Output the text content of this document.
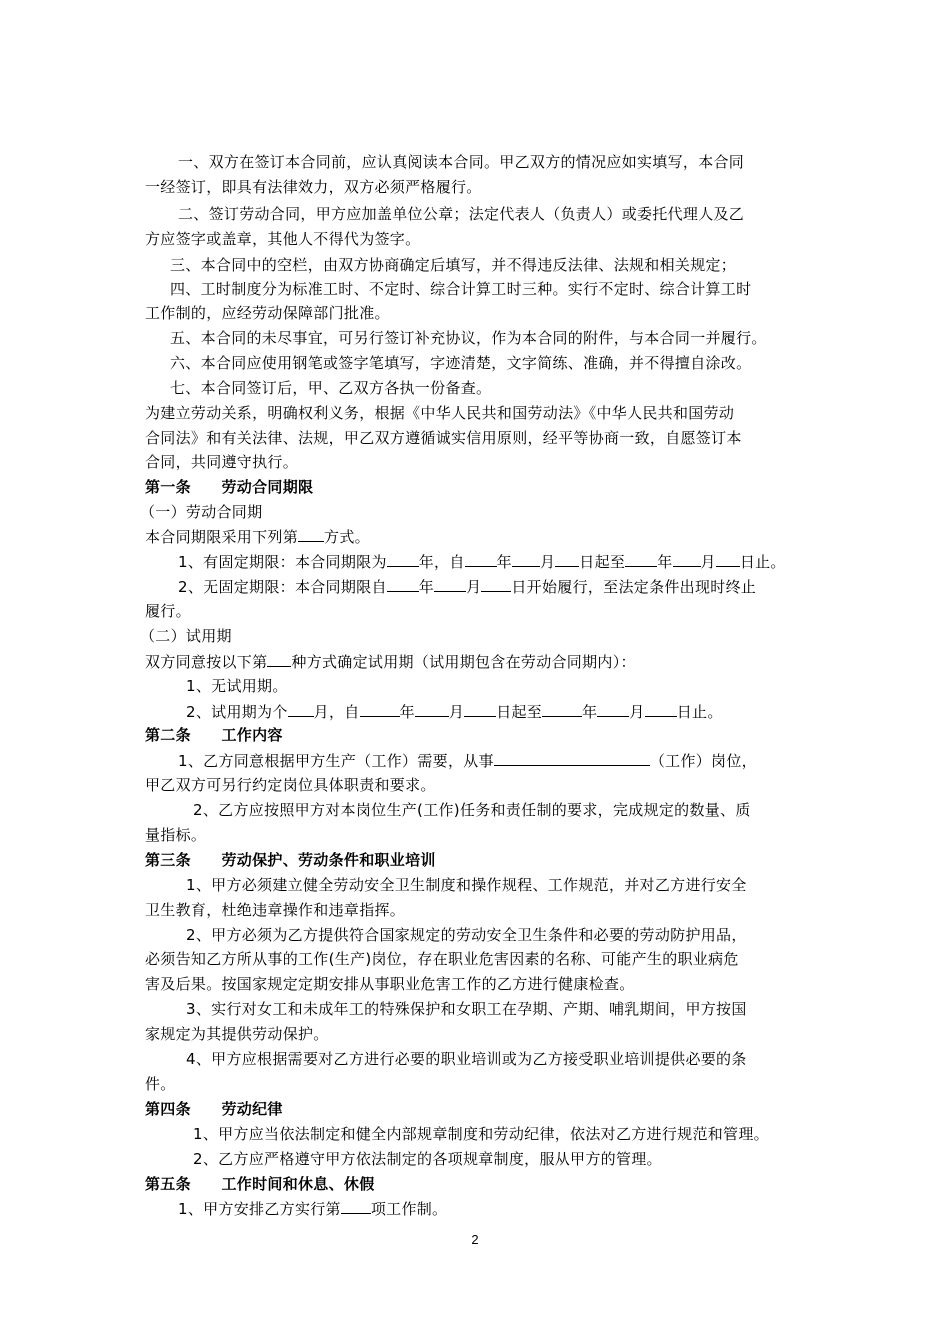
一、双方在签订本合同前，应认真阅读本合同。甲乙双方的情况应如实填写，本合同
一经签订，即具有法律效力，双方必须严格履行。
二、签订劳动合同，甲方应加盖单位公章；法定代表人（负责人）或委托代理人及乙
方应签字或盖章，其他人不得代为签字。
三、本合同中的空栏，由双方协商确定后填写，并不得违反法律、法规和相关规定；
四、工时制度分为标准工时、不定时、综合计算工时三种。实行不定时、综合计算工时
工作制的，应经劳动保障部门批准。
五、本合同的未尽事宜，可另行签订补充协议，作为本合同的附件，与本合同一并履行。
六、本合同应使用钢笔或签字笔填写，字迹清楚，文字简练、准确，并不得擅自涂改。
七、本合同签订后，甲、乙双方各执一份备查。
为建立劳动关系，明确权利义务，根据《中华人民共和国劳动法》《中华人民共和国劳动
合同法》和有关法律、法规，甲乙双方遵循诚实信用原则，经平等协商一致，自愿签订本
合同，共同遵守执行。
第一条　　劳动合同期限
（一）劳动合同期
本合同期限采用下列第 方式。
1、有固定期限：本合同期限为 年，自 年 月 日起至 年 月 日止。
2、无固定期限：本合同期限自 年 月 日开始履行，至法定条件出现时终止
履行。
（二）试用期
双方同意按以下第 种方式确定试用期（试用期包含在劳动合同期内）：
1、无试用期。
2、试用期为个 月，自	年 月 日起至	年 月 日止。
第二条　　工作内容
1、乙方同意根据甲方生产（工作）需要，从事	（工作）岗位，
甲乙双方可另行约定岗位具体职责和要求。
2、乙方应按照甲方对本岗位生产(工作)任务和责任制的要求，完成规定的数量、质
量指标。
第三条　　劳动保护、劳动条件和职业培训
1、甲方必须建立健全劳动安全卫生制度和操作规程、工作规范，并对乙方进行安全
卫生教育，杜绝违章操作和违章指挥。
2、甲方必须为乙方提供符合国家规定的劳动安全卫生条件和必要的劳动防护用品，
必须告知乙方所从事的工作(生产)岗位，存在职业危害因素的名称、可能产生的职业病危
害及后果。按国家规定定期安排从事职业危害工作的乙方进行健康检查。
3、实行对女工和未成年工的特殊保护和女职工在孕期、产期、哺乳期间，甲方按国
家规定为其提供劳动保护。
4、甲方应根据需要对乙方进行必要的职业培训或为乙方接受职业培训提供必要的条
件。
第四条　　劳动纪律
1、甲方应当依法制定和健全内部规章制度和劳动纪律，依法对乙方进行规范和管理。
2、乙方应严格遵守甲方依法制定的各项规章制度，服从甲方的管理。
第五条　　工作时间和休息、休假
1、甲方安排乙方实行第 项工作制。
2
